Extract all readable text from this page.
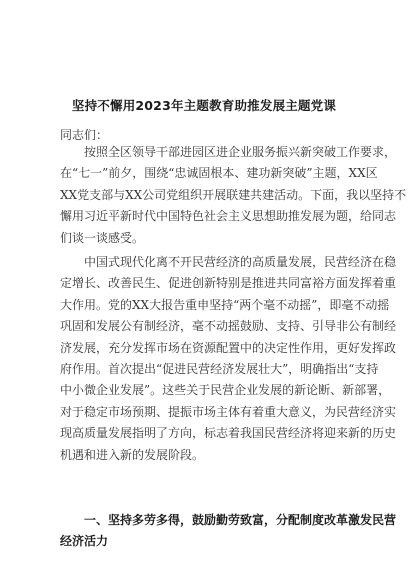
坚持不懈用2023年主题教育助推发展主题党课
同志们：
按照全区领导干部进园区进企业服务振兴新突破工作要求，
在“七一”前夕，围绕“忠诚固根本、建功新突破”主题，XX区
XX党支部与XX公司党组织开展联建共建活动。下面，我以坚持不
懈用习近平新时代中国特色社会主义思想助推发展为题，给同志
们谈一谈感受。
中国式现代化离不开民营经济的高质量发展，民营经济在稳
定增长、改善民生、促进创新特别是推进共同富裕方面发挥着重
大作用。党的XX大报告重申坚持“两个毫不动摇”，即毫不动摇
巩固和发展公有制经济，毫不动摇鼓励、支持、引导非公有制经
济发展，充分发挥市场在资源配置中的决定性作用，更好发挥政
府作用。首次提出“促进民营经济发展壮大”，明确指出“支持
中小微企业发展”。这些关于民营企业发展的新论断、新部署，
对于稳定市场预期、提振市场主体有着重大意义，为民营经济实
现高质量发展指明了方向，标志着我国民营经济将迎来新的历史
机遇和进入新的发展阶段。
一、坚持多劳多得，鼓励勤劳致富，分配制度改革激发民营
经济活力
